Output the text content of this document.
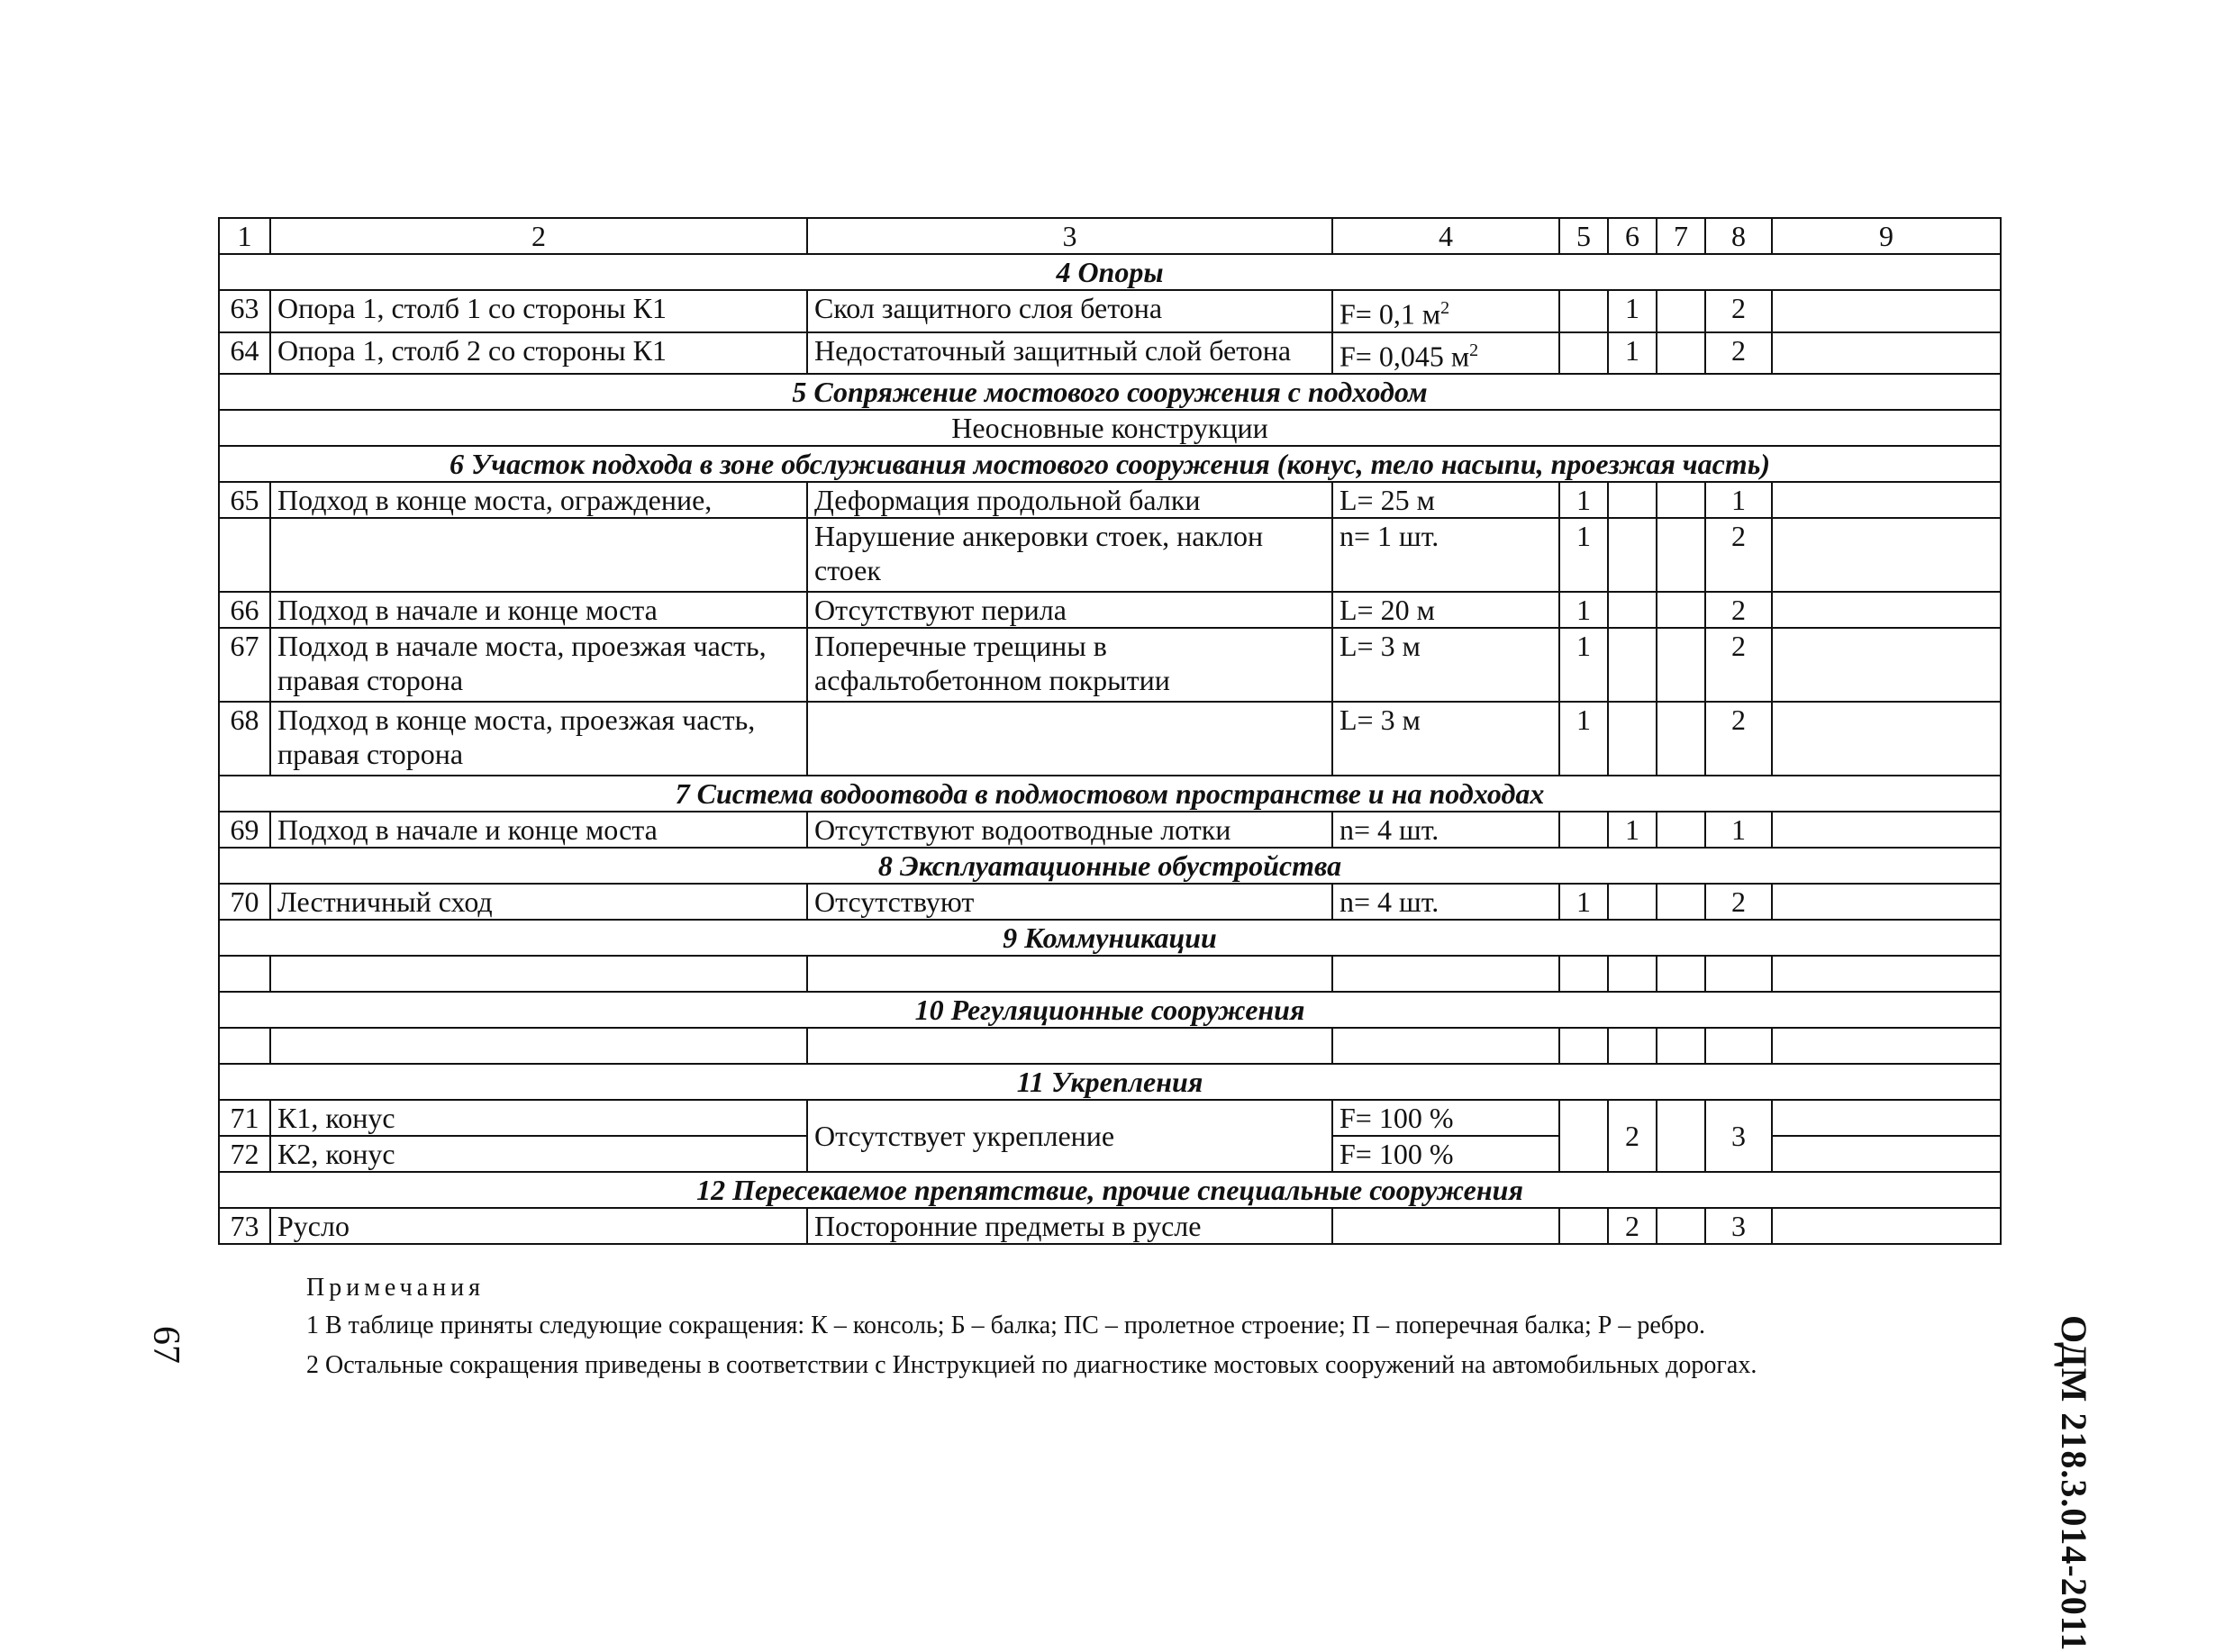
1	2	3	4	5	6	7	8	9
4 Опоры								
63	Опора 1, столб 1 со стороны К1	Скол защитного слоя бетона	F= 0,1 $м^2$		1		2	
64	Опора 1, столб 2 со стороны К1	Недостаточный защитный слой бетона	F= 0,045 $м^2$		1		2	
5 Сопряжение мостового сооружения с подходом								
Неосновные конструкции								
6 Участок подхода в зоне обслуживания мостового сооружения (конус, тело насыпи, проезжая часть)								
65	Подход в конце моста, ограждение,	Деформация продольной балки	L= 25 м	1			1	
		Нарушение анкеровки стоек, наклон стоек	n= 1 шт.	1			2	
66	Подход в начале и конце моста	Отсутствуют перила	L= 20 м	1			2	
67	Подход в начале моста, проезжая часть, правая сторона	Поперечные трещины в асфальтобетонном покрытии	L= 3 м	1			2	
68	Подход в конце моста, проезжая часть, правая сторона		L= 3 м	1			2	
7 Система водоотвода в подмостовом пространстве и на подходах								
69	Подход в начале и конце моста	Отсутствуют водоотводные лотки	n= 4 шт.		1		1	
8 Эксплуатационные обустройства								
70	Лестничный сход	Отсутствуют	n= 4 шт.	1			2	
9 Коммуникации								

10 Регуляционные сооружения								

11 Укрепления								
71	К1, конус	Отсутствует укрепление	F= 100 %		2		3	
72	К2, конус		F= 100 %					
12 Пересекаемое препятствие, прочие специальные сооружения								
73	Русло	Посторонние предметы в русле			2		3	
Примечания
1 В таблице приняты следующие сокращения: К – консоль; Б – балка; ПС – пролетное строение; П – поперечная балка; Р – ребро.
2 Остальные сокращения приведены в соответствии с Инструкцией по диагностике мостовых сооружений на автомобильных дорогах.	ОДМ 218.3.014-2011
67
